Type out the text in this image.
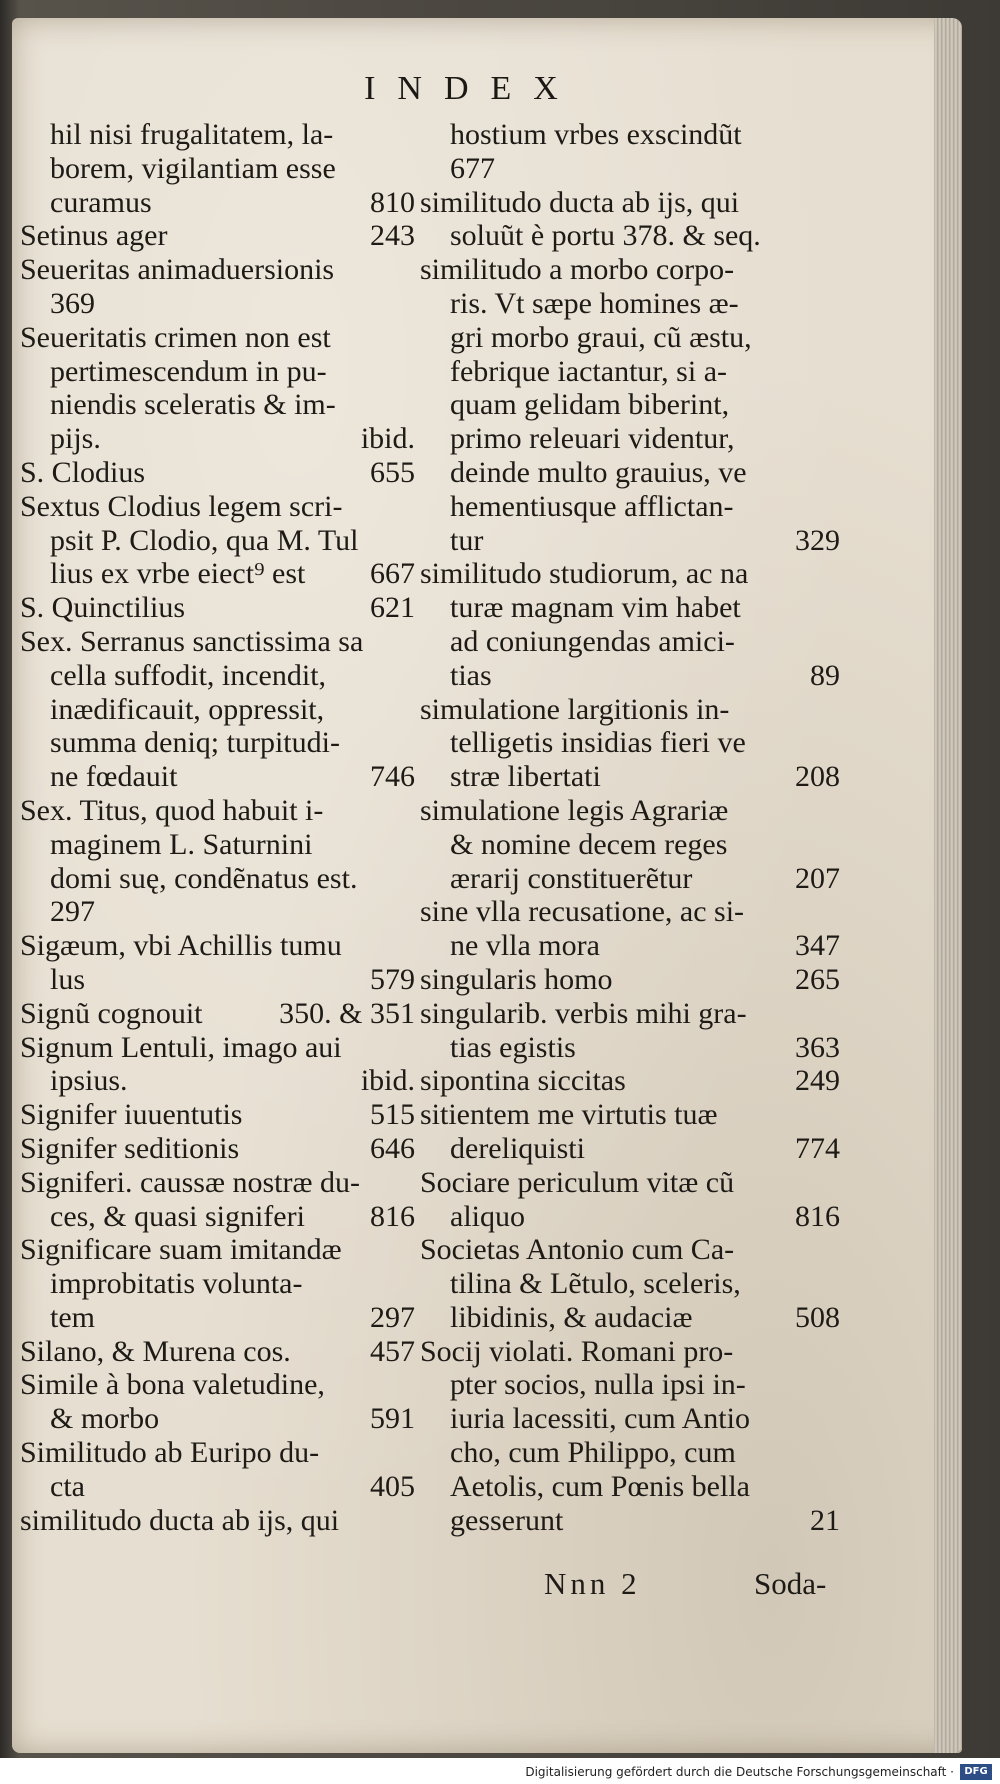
INDEX
hil nisi frugalitatem, la-
borem, vigilantiam esse
curamus	810
Setinus ager	243
Seueritas animaduersionis
369
Seueritatis crimen non est
pertimescendum in pu-
niendis sceleratis & im-
pijs.	ibid.
S. Clodius	655
Sextus Clodius legem scri-
psit P. Clodio, qua M. Tul
lius ex vrbe eiect⁹ est 667
S. Quinctilius	621
Sex. Serranus sanctissima sa
cella suffodit, incendit,
inædificauit, oppressit,
summa deniq; turpitudi-
ne fœdauit	746
Sex. Titus, quod habuit i-
maginem L. Saturnini
domi suę, condẽnatus est.
297
Sigæum, vbi Achillis tumu
lus	579
Signũ cognouit	350. & 351
Signum Lentuli, imago aui
ipsius.	ibid.
Signifer iuuentutis	515
Signifer seditionis	646
Signiferi. caussæ nostræ du-
ces, & quasi signiferi 816
Significare suam imitandæ
improbitatis volunta-
tem	297
Silano, & Murena cos.	457
Simile à bona valetudine,
& morbo	591
Similitudo ab Euripo du-
cta	405
similitudo ducta ab ijs, qui
hostium vrbes exscindũt
677
similitudo ducta ab ijs, qui
soluũt è portu 378. & seq.
similitudo a morbo corpo-
ris. Vt sæpe homines æ-
gri morbo graui, cũ æstu,
febrique iactantur, si a-
quam gelidam biberint,
primo releuari videntur,
deinde multo grauius, ve
hementiusque afflictan-
tur	329
similitudo studiorum, ac na
turæ magnam vim habet
ad coniungendas amici-
tias	89
simulatione largitionis in-
telligetis insidias fieri ve
stræ libertati	208
simulatione legis Agrariæ
& nomine decem reges
ærarij constituerẽtur	207
sine vlla recusatione, ac si-
ne vlla mora	347
singularis homo	265
singularib. verbis mihi gra-
tias egistis	363
sipontina siccitas	249
sitientem me virtutis tuæ
dereliquisti	774
Sociare periculum vitæ cũ
aliquo	816
Societas Antonio cum Ca-
tilina & Lẽtulo, sceleris,
libidinis, & audaciæ	508
Socij violati. Romani pro-
pter socios, nulla ipsi in-
iuria lacessiti, cum Antio
cho, cum Philippo, cum
Aetolis, cum Pœnis bella
gesserunt	21
Nnn 2	Soda-
Digitalisierung gefördert durch die Deutsche Forschungsgemeinschaft ·	DFG
